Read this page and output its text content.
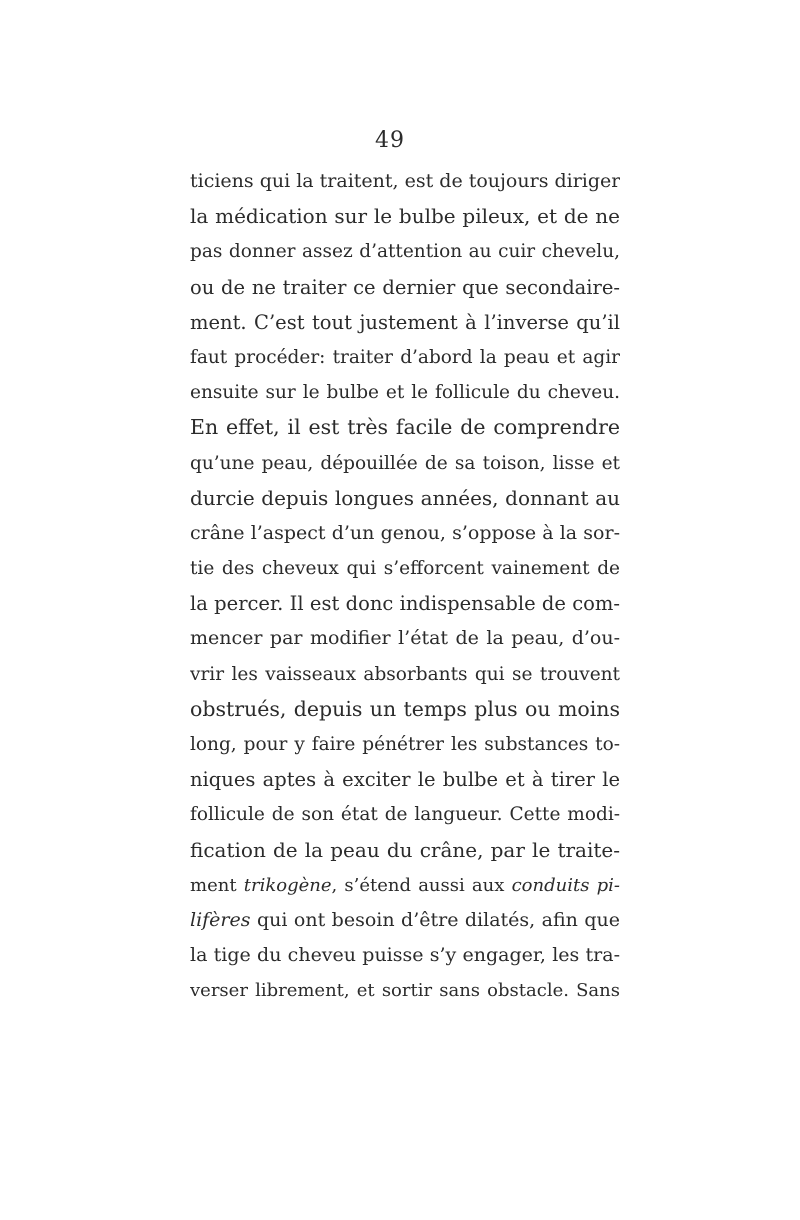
49
ticiens qui la traitent, est de toujours diriger
la médication sur le bulbe pileux, et de ne
pas donner assez d’attention au cuir chevelu,
ou de ne traiter ce dernier que secondaire-
ment. C’est tout justement à l’inverse qu’il
faut procéder: traiter d’abord la peau et agir
ensuite sur le bulbe et le follicule du cheveu.
En effet, il est très facile de comprendre
qu’une peau, dépouillée de sa toison, lisse et
durcie depuis longues années, donnant au
crâne l’aspect d’un genou, s’oppose à la sor-
tie des cheveux qui s’efforcent vainement de
la percer. Il est donc indispensable de com-
mencer par modifier l’état de la peau, d’ou-
vrir les vaisseaux absorbants qui se trouvent
obstrués, depuis un temps plus ou moins
long, pour y faire pénétrer les substances to-
niques aptes à exciter le bulbe et à tirer le
follicule de son état de langueur. Cette modi-
fication de la peau du crâne, par le traite-
ment trikogène, s’étend aussi aux conduits pi-
lifères qui ont besoin d’être dilatés, afin que
la tige du cheveu puisse s’y engager, les tra-
verser librement, et sortir sans obstacle. Sans
